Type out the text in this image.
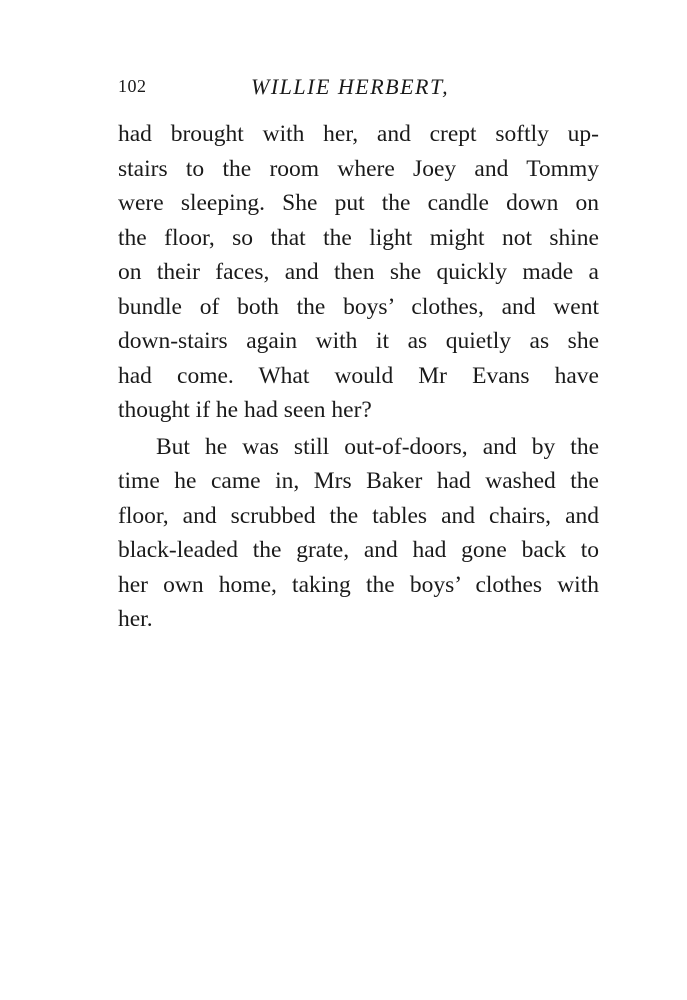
102	WILLIE HERBERT,
had brought with her, and crept softly up-
stairs to the room where Joey and Tommy
were sleeping. She put the candle down on
the floor, so that the light might not shine
on their faces, and then she quickly made a
bundle of both the boys’ clothes, and went
down-stairs again with it as quietly as she
had come. What would Mr Evans have
thought if he had seen her?
But he was still out-of-doors, and by the
time he came in, Mrs Baker had washed the
floor, and scrubbed the tables and chairs, and
black-leaded the grate, and had gone back to
her own home, taking the boys’ clothes with
her.
